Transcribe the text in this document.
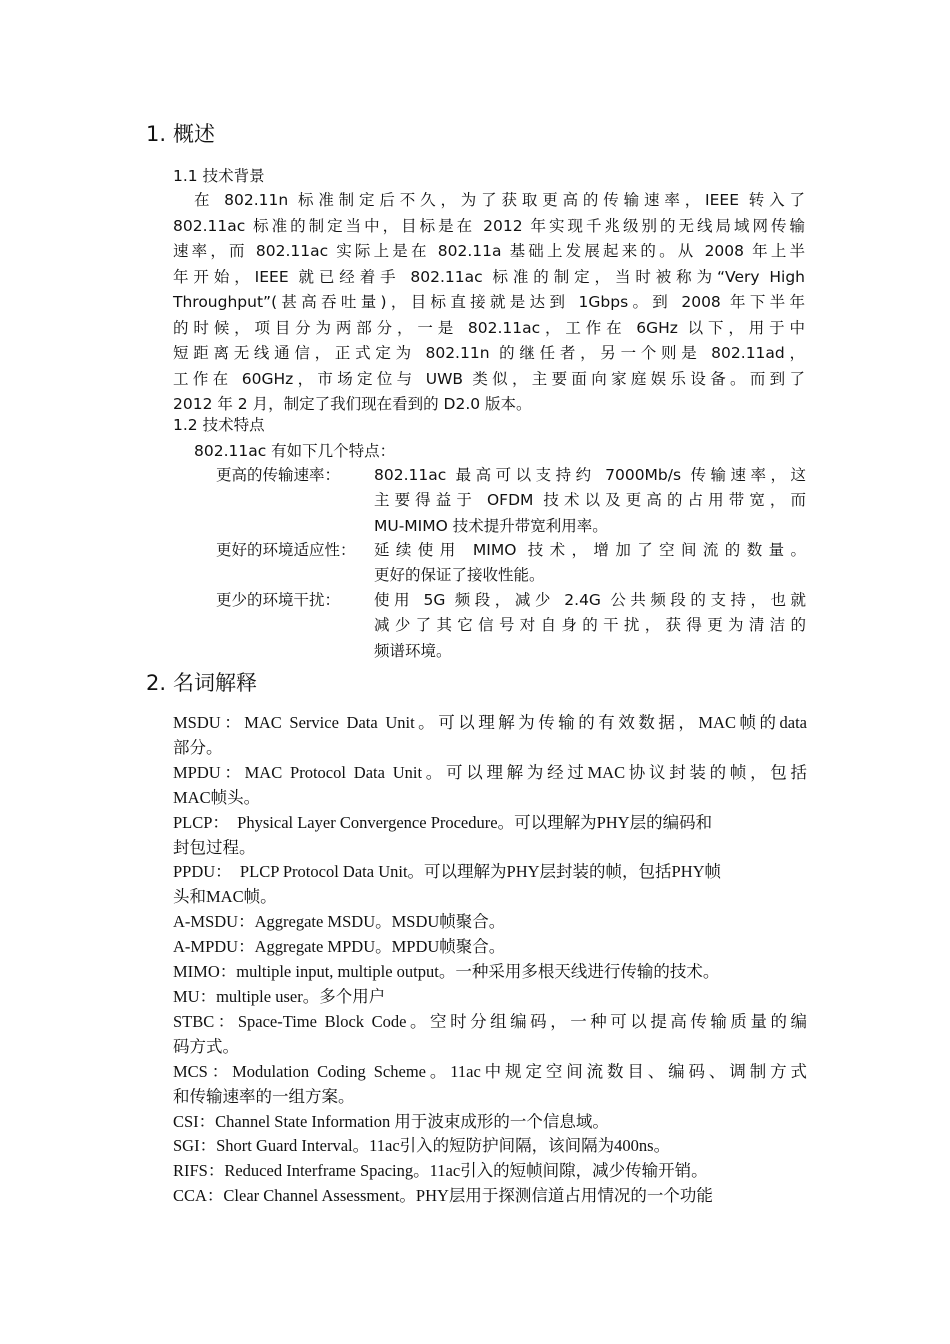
1. 概述
1.1 技术背景
在 802.11n 标准制定后不久，为了获取更高的传输速率，IEEE 转入了
802.11ac 标准的制定当中，目标是在 2012 年实现千兆级别的无线局域网传输
速率，而 802.11ac 实际上是在 802.11a 基础上发展起来的。从 2008 年上半
年开始，IEEE 就已经着手 802.11ac 标准的制定，当时被称为“Very High
Throughput”(甚高吞吐量)，目标直接就是达到 1Gbps。到 2008 年下半年
的时候，项目分为两部分，一是 802.11ac，工作在 6GHz 以下，用于中
短距离无线通信，正式定为 802.11n 的继任者，另一个则是 802.11ad，
工作在 60GHz，市场定位与 UWB 类似，主要面向家庭娱乐设备。而到了
2012 年 2 月，制定了我们现在看到的 D2.0 版本。
1.2 技术特点
802.11ac 有如下几个特点：
更高的传输速率： 802.11ac 最高可以支持约 7000Mb/s 传输速率，这
主要得益于 OFDM 技术以及更高的占用带宽，而
MU-MIMO 技术提升带宽利用率。
更好的环境适应性： 延续使用 MIMO 技术，增加了空间流的数量。
更好的保证了接收性能。
更少的环境干扰： 使用 5G 频段，减少 2.4G 公共频段的支持，也就
减少了其它信号对自身的干扰，获得更为清洁的
频谱环境。
2. 名词解释
MSDU：MAC Service Data Unit。可以理解为传输的有效数据，MAC帧的data
部分。
MPDU：MAC Protocol Data Unit。可以理解为经过MAC协议封装的帧，包括
MAC帧头。
PLCP：  Physical Layer Convergence Procedure。可以理解为PHY层的编码和
封包过程。
PPDU：  PLCP Protocol Data Unit。可以理解为PHY层封装的帧，包括PHY帧
头和MAC帧。
A-MSDU：Aggregate MSDU。MSDU帧聚合。
A-MPDU：Aggregate MPDU。MPDU帧聚合。
MIMO：multiple input, multiple output。一种采用多根天线进行传输的技术。
MU：multiple user。多个用户
STBC：Space-Time Block Code。空时分组编码，一种可以提高传输质量的编
码方式。
MCS：Modulation Coding Scheme。11ac中规定空间流数目、编码、调制方式
和传输速率的一组方案。
CSI：Channel State Information 用于波束成形的一个信息域。
SGI：Short Guard Interval。11ac引入的短防护间隔，该间隔为400ns。
RIFS：Reduced Interframe Spacing。11ac引入的短帧间隙，减少传输开销。
CCA：Clear Channel Assessment。PHY层用于探测信道占用情况的一个功能
